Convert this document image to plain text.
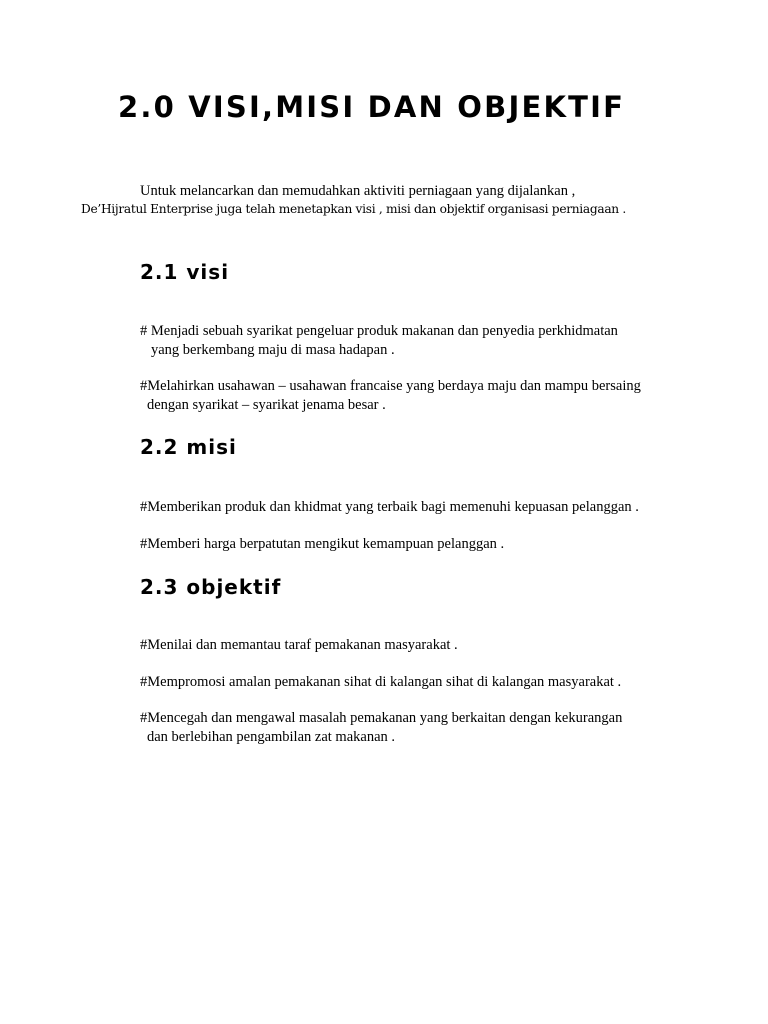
2.0 VISI,MISI DAN OBJEKTIF

Untuk melancarkan dan memudahkan aktiviti perniagaan yang dijalankan ,

De’Hijratul Enterprise juga telah menetapkan visi , misi dan objektif organisasi perniagaan .

2.1 visi

# Menjadi sebuah syarikat pengeluar produk makanan dan penyedia perkhidmatan
yang berkembang maju di masa hadapan .

#Melahirkan usahawan – usahawan francaise yang berdaya maju dan mampu bersaing
dengan syarikat – syarikat jenama besar .

2.2 misi

#Memberikan produk dan khidmat yang terbaik bagi memenuhi kepuasan pelanggan .

#Memberi harga berpatutan mengikut kemampuan pelanggan .

2.3 objektif

#Menilai dan memantau taraf pemakanan masyarakat .

#Mempromosi amalan pemakanan sihat di kalangan sihat di kalangan masyarakat .

#Mencegah dan mengawal masalah pemakanan yang berkaitan dengan kekurangan
dan berlebihan pengambilan zat makanan .
